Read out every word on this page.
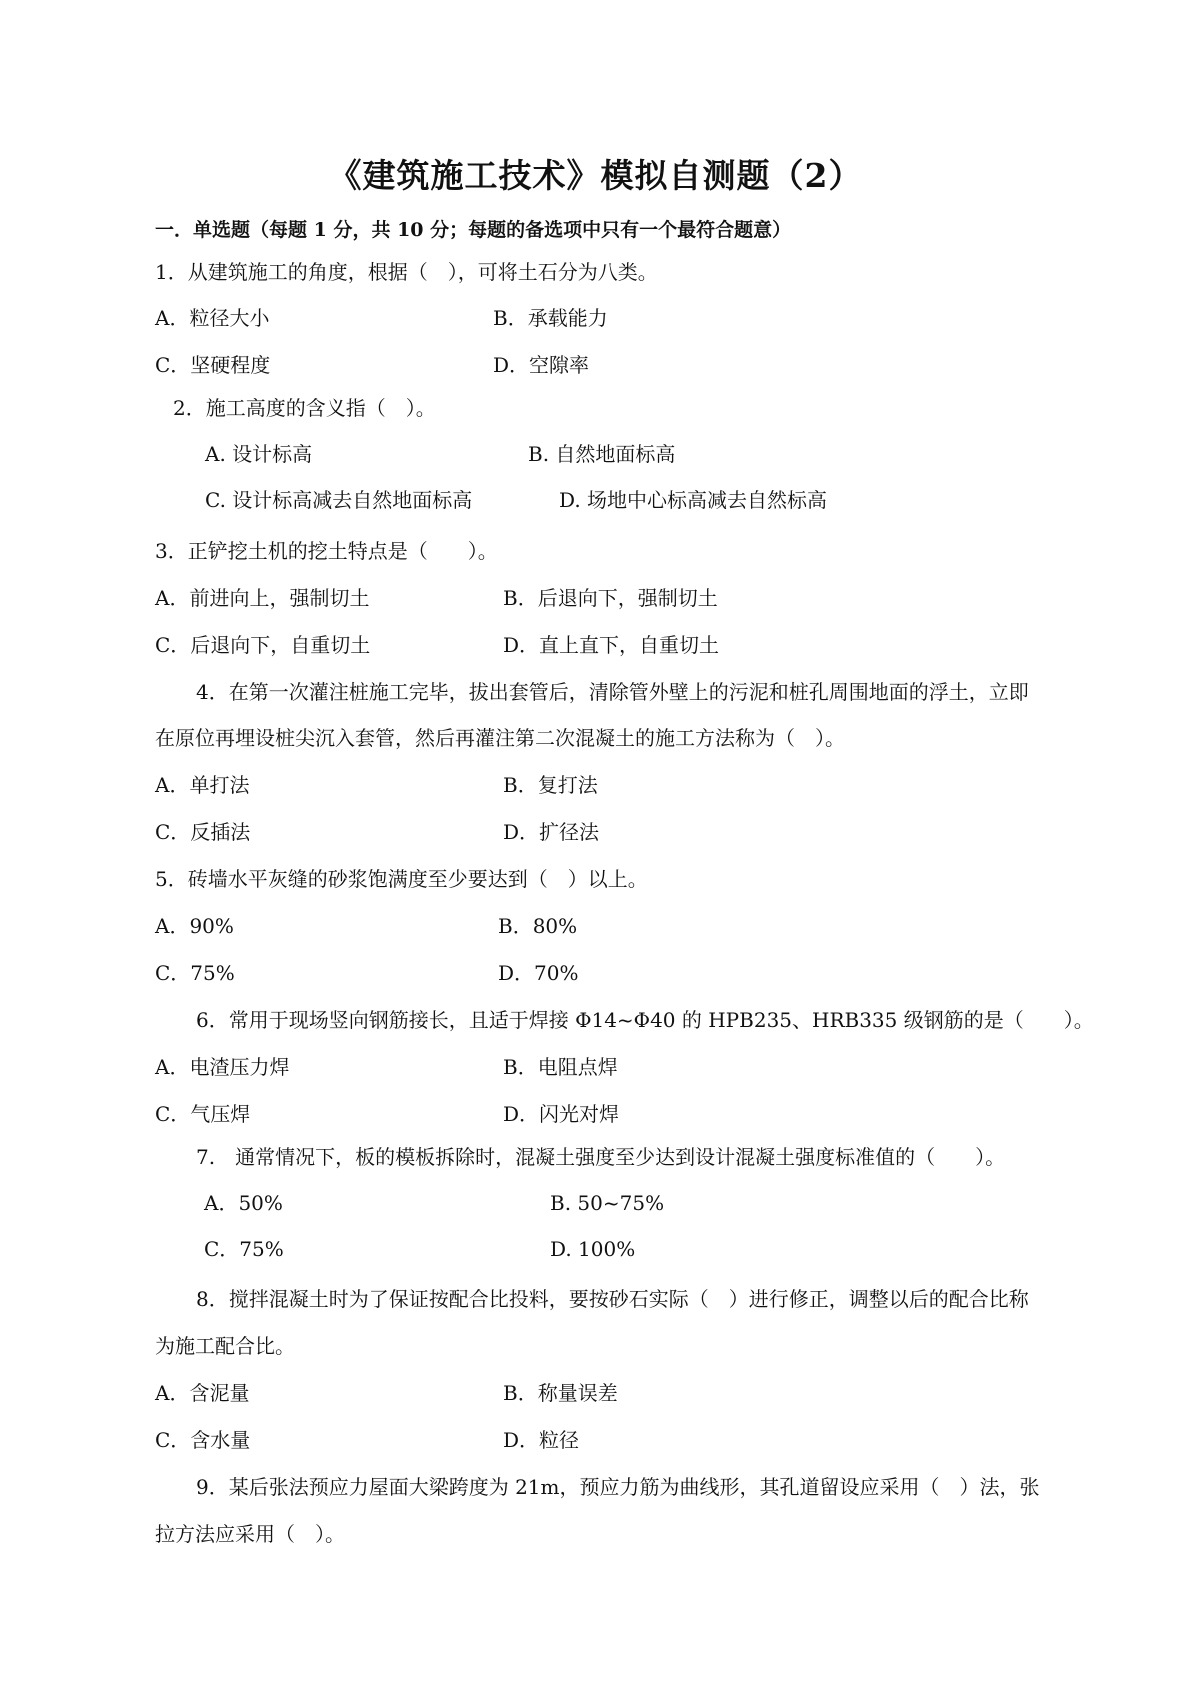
《建筑施工技术》模拟自测题（2）
一．单选题（每题 1 分，共 10 分；每题的备选项中只有一个最符合题意）
1．从建筑施工的角度，根据（　），可将土石分为八类。
A．粒径大小	B．承载能力
C．坚硬程度	D．空隙率
2．施工高度的含义指（　）。
A. 设计标高	B. 自然地面标高
C. 设计标高减去自然地面标高	D. 场地中心标高减去自然标高
3．正铲挖土机的挖土特点是（　　）。
A．前进向上，强制切土	B．后退向下，强制切土
C．后退向下，自重切土	D．直上直下，自重切土
4．在第一次灌注桩施工完毕，拔出套管后，清除管外壁上的污泥和桩孔周围地面的浮土，立即
在原位再埋设桩尖沉入套管，然后再灌注第二次混凝土的施工方法称为（　）。
A．单打法	B．复打法
C．反插法	D．扩径法
5．砖墙水平灰缝的砂浆饱满度至少要达到（　）以上。
A．90%	B．80%
C．75%	D．70%
6．常用于现场竖向钢筋接长，且适于焊接 Φ14~Φ40 的 HPB235、HRB335 级钢筋的是（　　）。
A．电渣压力焊	B．电阻点焊
C．气压焊	D．闪光对焊
7.　通常情况下，板的模板拆除时，混凝土强度至少达到设计混凝土强度标准值的（　　）。
A．50%	B. 50~75%
C．75%	D. 100%
8．搅拌混凝土时为了保证按配合比投料，要按砂石实际（　）进行修正，调整以后的配合比称
为施工配合比。
A．含泥量	B．称量误差
C．含水量	D．粒径
9．某后张法预应力屋面大梁跨度为 21m，预应力筋为曲线形，其孔道留设应采用（　）法，张
拉方法应采用（　）。
